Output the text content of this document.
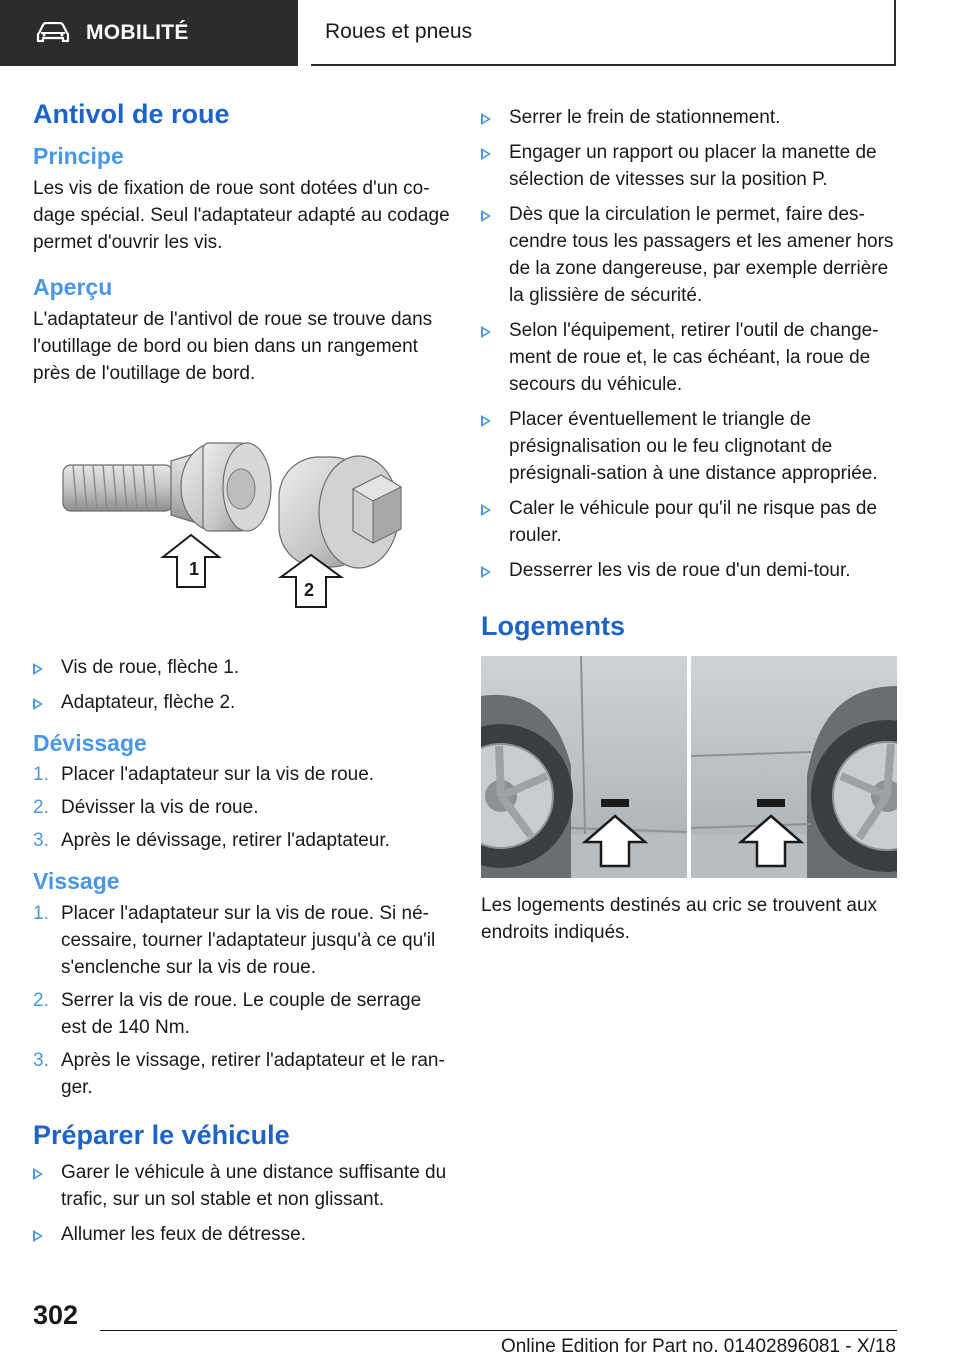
MOBILITÉ	Roues et pneus
Antivol de roue
Principe

Les vis de fixation de roue sont dotées d'un co-dage spécial. Seul l'adaptateur adapté au codage permet d'ouvrir les vis.

Aperçu

L'adaptateur de l'antivol de roue se trouve dans l'outillage de bord ou bien dans un rangement près de l'outillage de bord.

1
2
Vis de roue, flèche 1.
Adaptateur, flèche 2.
Dévissage
1. Placer l'adaptateur sur la vis de roue.
2. Dévisser la vis de roue.
3. Après le dévissage, retirer l'adaptateur.
Vissage
1. Placer l'adaptateur sur la vis de roue. Si né-cessaire, tourner l'adaptateur jusqu'à ce qu'il s'enclenche sur la vis de roue.
2. Serrer la vis de roue. Le couple de serrage est de 140 Nm.
3. Après le vissage, retirer l'adaptateur et le ran-ger.
Préparer le véhicule
Garer le véhicule à une distance suffisante du trafic, sur un sol stable et non glissant.
Allumer les feux de détresse.
Serrer le frein de stationnement.
Engager un rapport ou placer la manette de sélection de vitesses sur la position P.
Dès que la circulation le permet, faire des-cendre tous les passagers et les amener hors de la zone dangereuse, par exemple derrière la glissière de sécurité.
Selon l'équipement, retirer l'outil de change-ment de roue et, le cas échéant, la roue de secours du véhicule.
Placer éventuellement le triangle de présignalisation ou le feu clignotant de présignali-sation à une distance appropriée.
Caler le véhicule pour qu'il ne risque pas de rouler.
Desserrer les vis de roue d'un demi-tour.
Logements

Les logements destinés au cric se trouvent aux endroits indiqués.

302
Online Edition for Part no. 01402896081 - X/18
